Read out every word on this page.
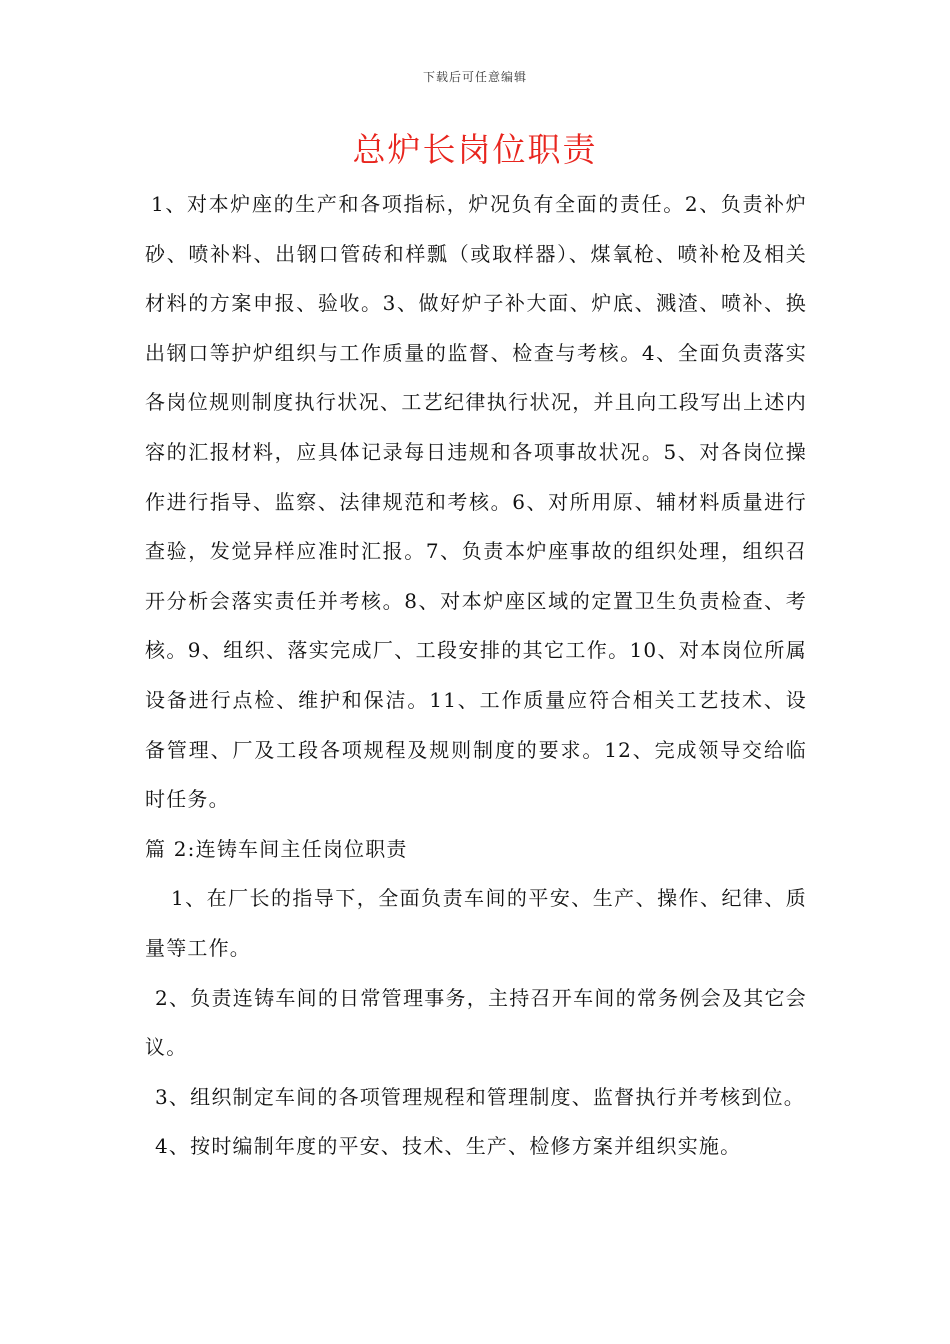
下载后可任意编辑
总炉长岗位职责

1、对本炉座的生产和各项指标，炉况负有全面的责任。2、负责补炉砂、喷补料、出钢口管砖和样瓢（或取样器）、煤氧枪、喷补枪及相关材料的方案申报、验收。3、做好炉子补大面、炉底、溅渣、喷补、换出钢口等护炉组织与工作质量的监督、检查与考核。4、全面负责落实各岗位规则制度执行状况、工艺纪律执行状况，并且向工段写出上述内容的汇报材料，应具体记录每日违规和各项事故状况。5、对各岗位操作进行指导、监察、法律规范和考核。6、对所用原、辅材料质量进行查验，发觉异样应准时汇报。7、负责本炉座事故的组织处理，组织召开分析会落实责任并考核。8、对本炉座区域的定置卫生负责检查、考核。9、组织、落实完成厂、工段安排的其它工作。10、对本岗位所属设备进行点检、维护和保洁。11、工作质量应符合相关工艺技术、设备管理、厂及工段各项规程及规则制度的要求。12、完成领导交给临时任务。

篇 2:连铸车间主任岗位职责

1、在厂长的指导下，全面负责车间的平安、生产、操作、纪律、质量等工作。

2、负责连铸车间的日常管理事务，主持召开车间的常务例会及其它会议。

3、组织制定车间的各项管理规程和管理制度、监督执行并考核到位。

4、按时编制年度的平安、技术、生产、检修方案并组织实施。
